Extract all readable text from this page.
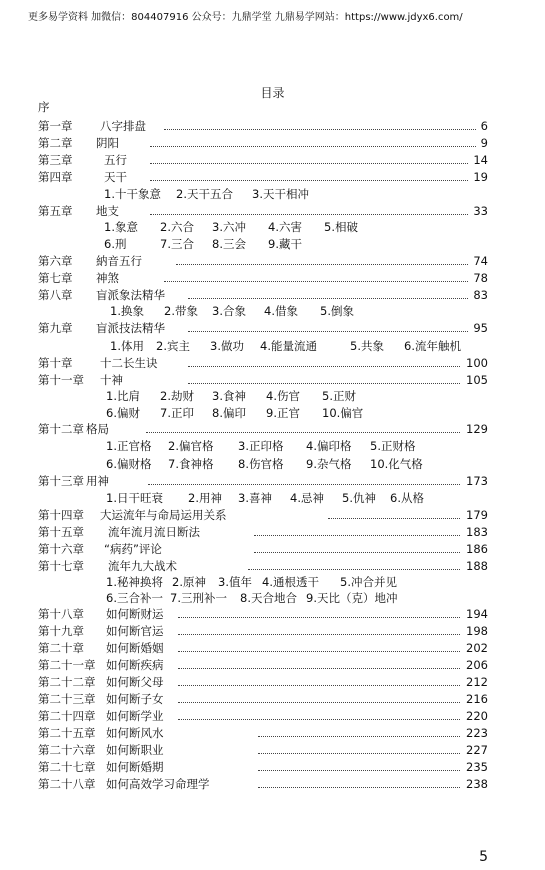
更多易学资料 加微信：804407916 公众号：九鼎学堂 九鼎易学网站：https://www.jdyx6.com/
目录
序
第一章 八字排盘	6
第二章 阴阳	9
第三章	五行	14
第四章	天干	19
第五章 地支	33
第六章 納音五行	74
第七章 神煞	78
第八章 盲派象法精华	83
第九章 盲派技法精华	95
第十章 十二长生诀	100
第十一章 十神	105
第十二章 格局	129
第十三章 用神	173
第十四章 大运流年与命局运用关系	179
第十五章 流年流月流日断法	183
第十六章 “病药”评论	186
第十七章 流年九大战术	188
第十八章 如何断财运	194
第十九章 如何断官运	198
第二十章 如何断婚姻	202
第二十一章 如何断疾病	206
第二十二章 如何断父母	212
第二十三章 如何断子女	216
第二十四章 如何断学业	220
第二十五章 如何断风水	223
第二十六章 如何断职业	227
第二十七章 如何断婚期	235
第二十八章 如何高效学习命理学	238
1.十干象意 2.天干五合 3.天干相冲
1.象意 2.六合 3.六冲 4.六害 5.相破
6.刑	7.三合 8.三会 9.藏干
1.换象 2.带象 3.合象 4.借象 5.倒象
1.体用 2.宾主 3.做功 4.能量流通	5.共象 6.流年触机
1.比肩 2.劫财 3.食神 4.伤官 5.正财
6.偏财 7.正印 8.偏印 9.正官 10.偏官
1.正官格 2.偏官格 3.正印格 4.偏印格 5.正财格
6.偏财格 7.食神格 8.伤官格 9.杂气格 10.化气格
1.日干旺衰 2.用神 3.喜神 4.忌神 5.仇神 6.从格
1.秘神换将 2.原神 3.值年 4.通根透干 5.冲合并见
6.三合补一 7.三刑补一 8.天合地合 9.天比（克）地冲
5
